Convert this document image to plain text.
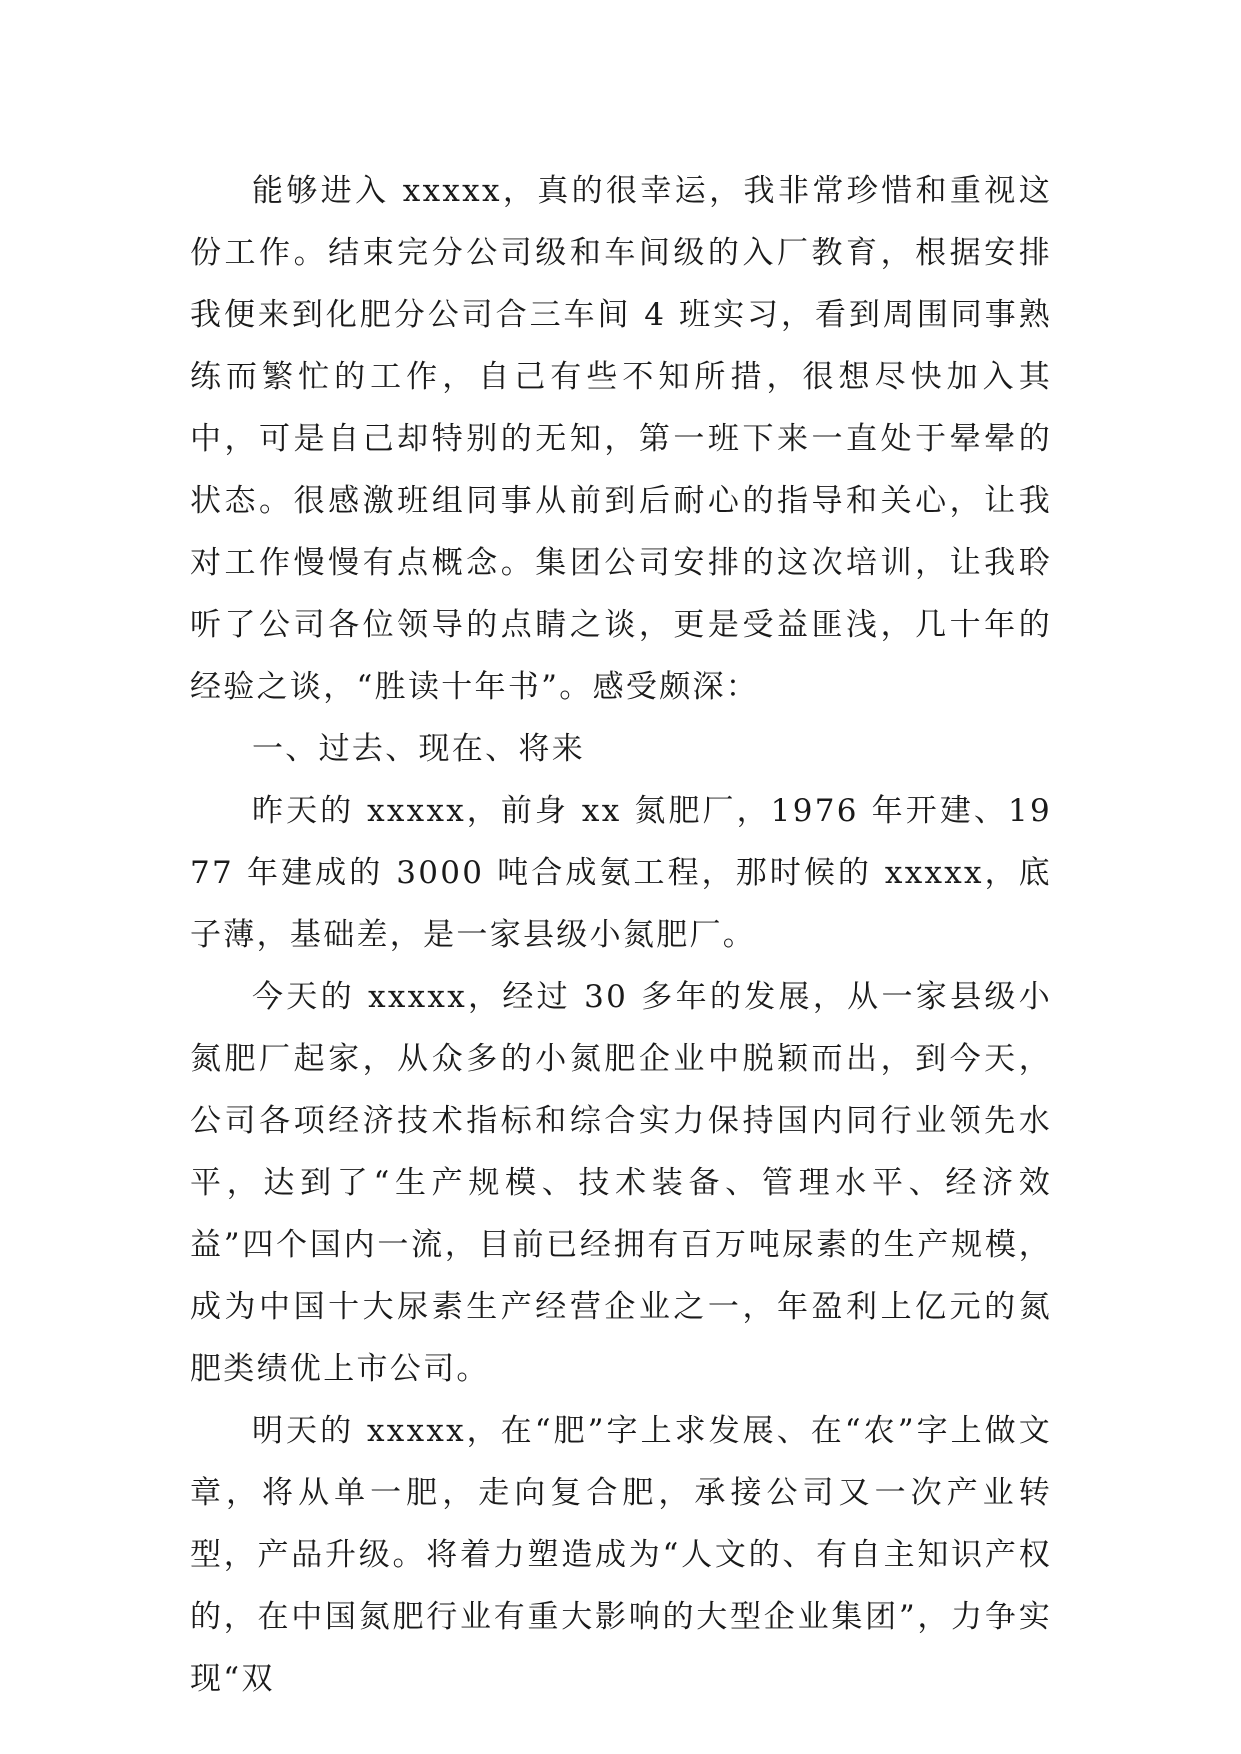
能够进入 xxxxx，真的很幸运，我非常珍惜和重视这份工作。结束完分公司级和车间级的入厂教育，根据安排我便来到化肥分公司合三车间 4 班实习，看到周围同事熟练而繁忙的工作，自己有些不知所措，很想尽快加入其中，可是自己却特别的无知，第一班下来一直处于晕晕的状态。很感激班组同事从前到后耐心的指导和关心，让我对工作慢慢有点概念。集团公司安排的这次培训，让我聆听了公司各位领导的点睛之谈，更是受益匪浅，几十年的经验之谈，“胜读十年书”。感受颇深：

一、过去、现在、将来

昨天的 xxxxx，前身 xx 氮肥厂，1976 年开建、1977 年建成的 3000 吨合成氨工程，那时候的 xxxxx，底子薄，基础差，是一家县级小氮肥厂。

今天的 xxxxx，经过 30 多年的发展，从一家县级小氮肥厂起家，从众多的小氮肥企业中脱颖而出，到今天，公司各项经济技术指标和综合实力保持国内同行业领先水平，达到了“生产规模、技术装备、管理水平、经济效益”四个国内一流，目前已经拥有百万吨尿素的生产规模，成为中国十大尿素生产经营企业之一，年盈利上亿元的氮肥类绩优上市公司。

明天的 xxxxx，在“肥”字上求发展、在“农”字上做文章，将从单一肥，走向复合肥，承接公司又一次产业转型，产品升级。将着力塑造成为“人文的、有自主知识产权的，在中国氮肥行业有重大影响的大型企业集团”，力争实现“双
